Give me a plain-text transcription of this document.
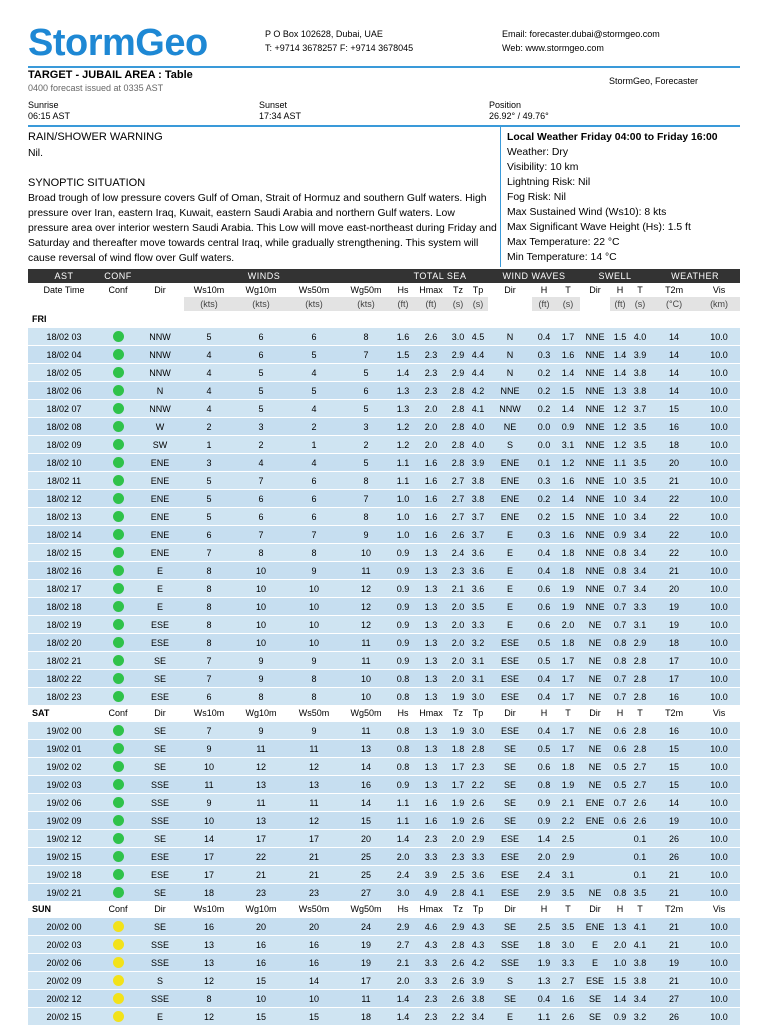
StormGeo	P O Box 102628, Dubai, UAE
T: +9714 3678257 F: +9714 3678045
Email: forecaster.dubai@stormgeo.com
Web: www.stormgeo.com
TARGET - JUBAIL AREA : Table
0400 forecast issued at 0335 AST
StormGeo, Forecaster
Sunrise
06:15 AST
Sunset
17:34 AST
Position
26.92° / 49.76°
RAIN/SHOWER WARNING
Nil.
SYNOPTIC SITUATION
Broad trough of low pressure covers Gulf of Oman, Strait of Hormuz and southern Gulf waters. High pressure over Iran, eastern Iraq, Kuwait, eastern Saudi Arabia and northern Gulf waters. Low pressure area over interior western Saudi Arabia. This Low will move east-northeast during Friday and Saturday and thereafter move towards central Iraq, while gradually strengthening. This system will cause reversal of wind flow over Gulf waters.
Local Weather Friday 04:00 to Friday 16:00
Weather: Dry
Visibility: 10 km
Lightning Risk: Nil
Fog Risk: Nil
Max Sustained Wind (Ws10): 8 kts
Max Significant Wave Height (Hs): 1.5 ft
Max Temperature: 22 °C
Min Temperature: 14 °C
AST	CONF	WINDS					TOTAL SEA				WIND WAVES			SWELL			WEATHER	
Date Time	Conf	Dir	Ws10m	Wg10m	Ws50m	Wg50m	Hs	Hmax	Tz	Tp	Dir	H	T	Dir	H	T	T2m	Vis
			(kts)	(kts)	(kts)	(kts)	(ft)	(ft)	(s)	(s)		(ft)	(s)		(ft)	(s)	(°C)	(km)
FRI																		
18/02 03		NNW	5	6	6	8	1.6	2.6	3.0	4.5	N	0.4	1.7	NNE	1.5	4.0	14	10.0
18/02 04		NNW	4	6	5	7	1.5	2.3	2.9	4.4	N	0.3	1.6	NNE	1.4	3.9	14	10.0
18/02 05		NNW	4	5	4	5	1.4	2.3	2.9	4.4	N	0.2	1.4	NNE	1.4	3.8	14	10.0
18/02 06		N	4	5	5	6	1.3	2.3	2.8	4.2	NNE	0.2	1.5	NNE	1.3	3.8	14	10.0
18/02 07		NNW	4	5	4	5	1.3	2.0	2.8	4.1	NNW	0.2	1.4	NNE	1.2	3.7	15	10.0
18/02 08		W	2	3	2	3	1.2	2.0	2.8	4.0	NE	0.0	0.9	NNE	1.2	3.5	16	10.0
18/02 09		SW	1	2	1	2	1.2	2.0	2.8	4.0	S	0.0	3.1	NNE	1.2	3.5	18	10.0
18/02 10		ENE	3	4	4	5	1.1	1.6	2.8	3.9	ENE	0.1	1.2	NNE	1.1	3.5	20	10.0
18/02 11		ENE	5	7	6	8	1.1	1.6	2.7	3.8	ENE	0.3	1.6	NNE	1.0	3.5	21	10.0
18/02 12		ENE	5	6	6	7	1.0	1.6	2.7	3.8	ENE	0.2	1.4	NNE	1.0	3.4	22	10.0
18/02 13		ENE	5	6	6	8	1.0	1.6	2.7	3.7	ENE	0.2	1.5	NNE	1.0	3.4	22	10.0
18/02 14		ENE	6	7	7	9	1.0	1.6	2.6	3.7	E	0.3	1.6	NNE	0.9	3.4	22	10.0
18/02 15		ENE	7	8	8	10	0.9	1.3	2.4	3.6	E	0.4	1.8	NNE	0.8	3.4	22	10.0
18/02 16		E	8	10	9	11	0.9	1.3	2.3	3.6	E	0.4	1.8	NNE	0.8	3.4	21	10.0
18/02 17		E	8	10	10	12	0.9	1.3	2.1	3.6	E	0.6	1.9	NNE	0.7	3.4	20	10.0
18/02 18		E	8	10	10	12	0.9	1.3	2.0	3.5	E	0.6	1.9	NNE	0.7	3.3	19	10.0
18/02 19		ESE	8	10	10	12	0.9	1.3	2.0	3.3	E	0.6	2.0	NE	0.7	3.1	19	10.0
18/02 20		ESE	8	10	10	11	0.9	1.3	2.0	3.2	ESE	0.5	1.8	NE	0.8	2.9	18	10.0
18/02 21		SE	7	9	9	11	0.9	1.3	2.0	3.1	ESE	0.5	1.7	NE	0.8	2.8	17	10.0
18/02 22		SE	7	9	8	10	0.8	1.3	2.0	3.1	ESE	0.4	1.7	NE	0.7	2.8	17	10.0
18/02 23		ESE	6	8	8	10	0.8	1.3	1.9	3.0	ESE	0.4	1.7	NE	0.7	2.8	16	10.0
SAT	Conf	Dir	Ws10m	Wg10m	Ws50m	Wg50m	Hs	Hmax	Tz	Tp	Dir	H	T	Dir	H	T	T2m	Vis
19/02 00		SE	7	9	9	11	0.8	1.3	1.9	3.0	ESE	0.4	1.7	NE	0.6	2.8	16	10.0
19/02 01		SE	9	11	11	13	0.8	1.3	1.8	2.8	SE	0.5	1.7	NE	0.6	2.8	15	10.0
19/02 02		SE	10	12	12	14	0.8	1.3	1.7	2.3	SE	0.6	1.8	NE	0.5	2.7	15	10.0
19/02 03		SSE	11	13	13	16	0.9	1.3	1.7	2.2	SE	0.8	1.9	NE	0.5	2.7	15	10.0
19/02 06		SSE	9	11	11	14	1.1	1.6	1.9	2.6	SE	0.9	2.1	ENE	0.7	2.6	14	10.0
19/02 09		SSE	10	13	12	15	1.1	1.6	1.9	2.6	SE	0.9	2.2	ENE	0.6	2.6	19	10.0
19/02 12		SE	14	17	17	20	1.4	2.3	2.0	2.9	ESE	1.4	2.5			0.1	26	10.0
19/02 15		ESE	17	22	21	25	2.0	3.3	2.3	3.3	ESE	2.0	2.9			0.1	26	10.0
19/02 18		ESE	17	21	21	25	2.4	3.9	2.5	3.6	ESE	2.4	3.1			0.1	21	10.0
19/02 21		SE	18	23	23	27	3.0	4.9	2.8	4.1	ESE	2.9	3.5	NE	0.8	3.5	21	10.0
SUN	Conf	Dir	Ws10m	Wg10m	Ws50m	Wg50m	Hs	Hmax	Tz	Tp	Dir	H	T	Dir	H	T	T2m	Vis
20/02 00		SE	16	20	20	24	2.9	4.6	2.9	4.3	SE	2.5	3.5	ENE	1.3	4.1	21	10.0
20/02 03		SSE	13	16	16	19	2.7	4.3	2.8	4.3	SSE	1.8	3.0	E	2.0	4.1	21	10.0
20/02 06		SSE	13	16	16	19	2.1	3.3	2.6	4.2	SSE	1.9	3.3	E	1.0	3.8	19	10.0
20/02 09		S	12	15	14	17	2.0	3.3	2.6	3.9	S	1.3	2.7	ESE	1.5	3.8	21	10.0
20/02 12		SSE	8	10	10	11	1.4	2.3	2.6	3.8	SE	0.4	1.6	SE	1.4	3.4	27	10.0
20/02 15		E	12	15	15	18	1.4	2.3	2.2	3.4	E	1.1	2.6	SE	0.9	3.2	26	10.0
